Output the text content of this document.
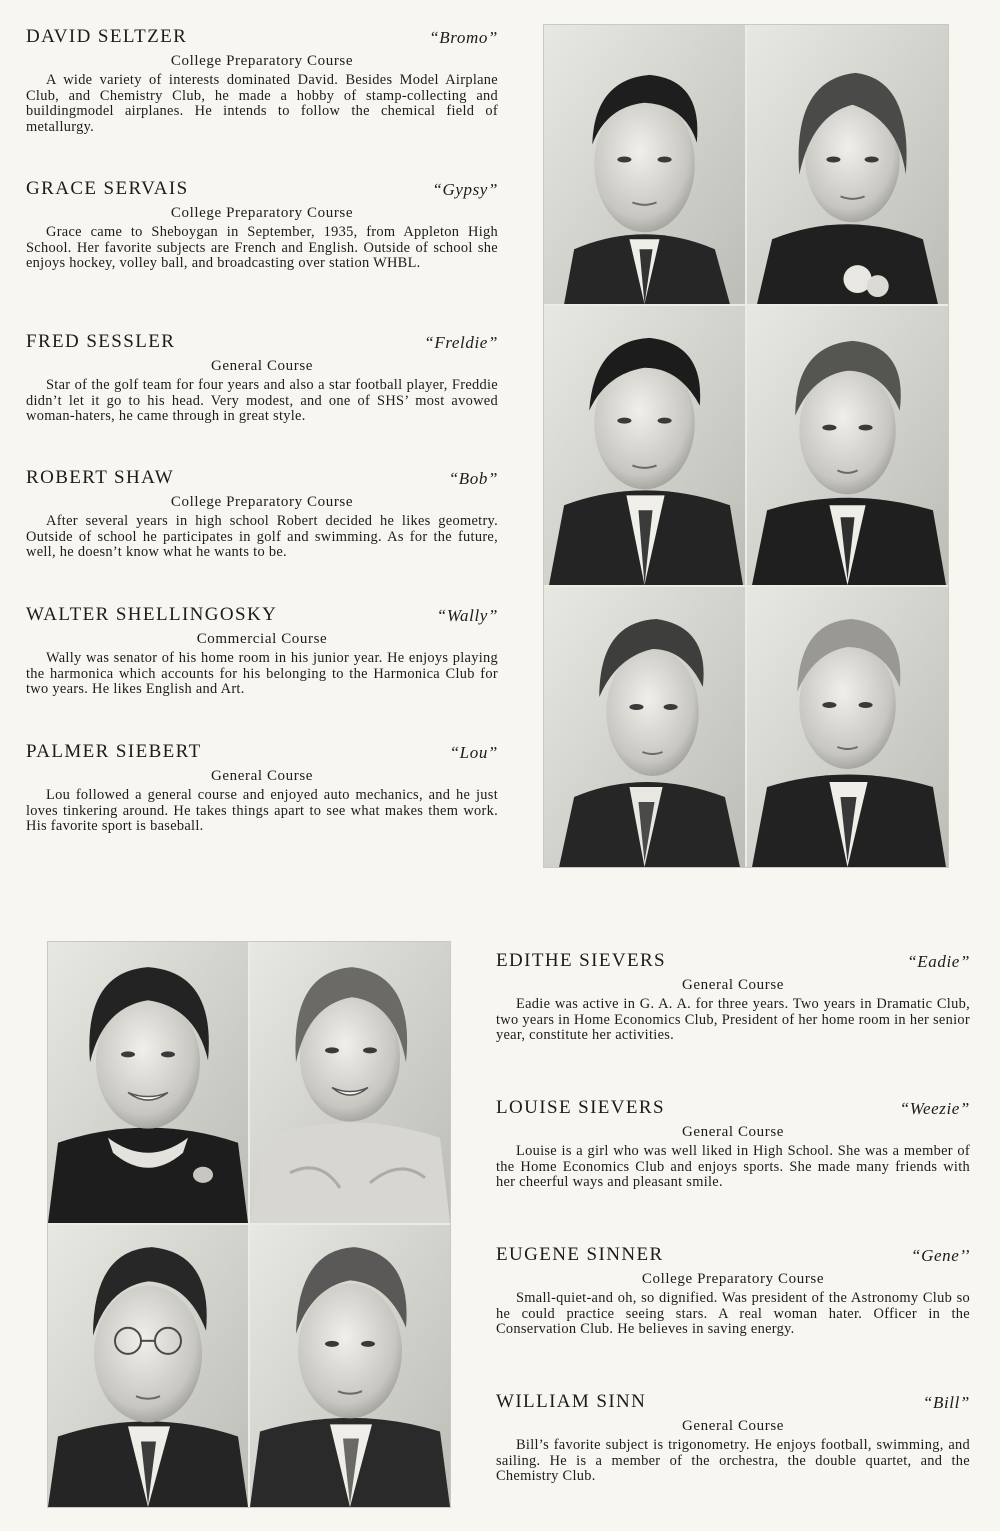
DAVID SELTZER	“Bromo”
College Preparatory Course

A wide variety of interests dominated David. Besides Model Airplane Club, and Chemistry Club, he made a hobby of stamp-collecting and buildingmodel airplanes. He intends to follow the chemical field of metallurgy.

GRACE SERVAIS	“Gypsy”
College Preparatory Course

Grace came to Sheboygan in September, 1935, from Appleton High School. Her favorite subjects are French and English. Outside of school she enjoys hockey, volley ball, and broadcasting over station WHBL.

FRED SESSLER	“Freldie”
General Course

Star of the golf team for four years and also a star football player, Freddie didn’t let it go to his head. Very modest, and one of SHS’ most avowed woman-haters, he came through in great style.

ROBERT SHAW	“Bob”
College Preparatory Course

After several years in high school Robert decided he likes geometry. Outside of school he participates in golf and swimming. As for the future, well, he doesn’t know what he wants to be.

WALTER SHELLINGOSKY	“Wally”
Commercial Course

Wally was senator of his home room in his junior year. He enjoys playing the harmonica which accounts for his belonging to the Harmonica Club for two years. He likes English and Art.

PALMER SIEBERT	“Lou”
General Course

Lou followed a general course and enjoyed auto mechanics, and he just loves tinkering around. He takes things apart to see what makes them work. His favorite sport is baseball.

EDITHE SIEVERS	“Eadie”
General Course

Eadie was active in G. A. A. for three years. Two years in Dramatic Club, two years in Home Economics Club, President of her home room in her senior year, constitute her activities.

LOUISE SIEVERS	“Weezie”
General Course

Louise is a girl who was well liked in High School. She was a member of the Home Economics Club and enjoys sports. She made many friends with her cheerful ways and pleasant smile.

EUGENE SINNER	“Gene’’
College Preparatory Course

Small-quiet-and oh, so dignified. Was president of the Astronomy Club so he could practice seeing stars. A real woman hater. Officer in the Conservation Club. He believes in saving energy.

WILLIAM SINN	“Bill”
General Course

Bill’s favorite subject is trigonometry. He enjoys football, swimming, and sailing. He is a member of the orchestra, the double quartet, and the Chemistry Club.
